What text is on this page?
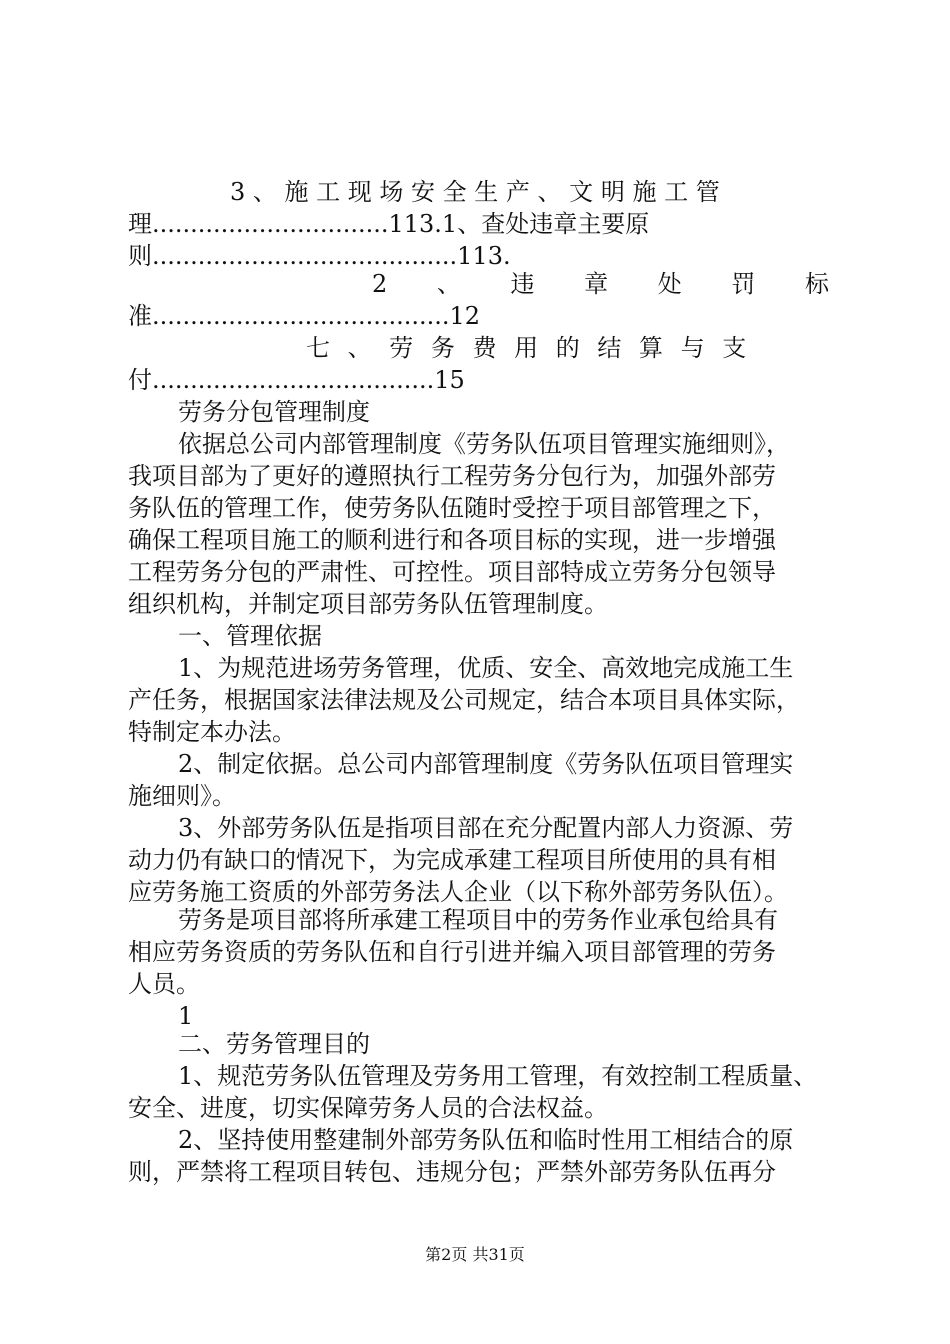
3 、 施 工 现 场 安 全 生 产 、 文 明 施 工 管
理...............................113.1、查处违章主要原
则........................................113.
2 、 违 章 处 罚 标
准.......................................12
七 、 劳 务 费 用 的 结 算 与 支
付.....................................15
劳务分包管理制度
依据总公司内部管理制度《劳务队伍项目管理实施细则》，
我项目部为了更好的遵照执行工程劳务分包行为，加强外部劳
务队伍的管理工作，使劳务队伍随时受控于项目部管理之下，
确保工程项目施工的顺利进行和各项目标的实现，进一步增强
工程劳务分包的严肃性、可控性。项目部特成立劳务分包领导
组织机构，并制定项目部劳务队伍管理制度。
一、管理依据
1、为规范进场劳务管理，优质、安全、高效地完成施工生
产任务，根据国家法律法规及公司规定，结合本项目具体实际，
特制定本办法。
2、制定依据。总公司内部管理制度《劳务队伍项目管理实
施细则》。
3、外部劳务队伍是指项目部在充分配置内部人力资源、劳
动力仍有缺口的情况下，为完成承建工程项目所使用的具有相
应劳务施工资质的外部劳务法人企业（以下称外部劳务队伍）。
劳务是项目部将所承建工程项目中的劳务作业承包给具有
相应劳务资质的劳务队伍和自行引进并编入项目部管理的劳务
人员。
1
二、劳务管理目的
1、规范劳务队伍管理及劳务用工管理，有效控制工程质量、
安全、进度，切实保障劳务人员的合法权益。
2、坚持使用整建制外部劳务队伍和临时性用工相结合的原
则，严禁将工程项目转包、违规分包；严禁外部劳务队伍再分
第2页 共31页
